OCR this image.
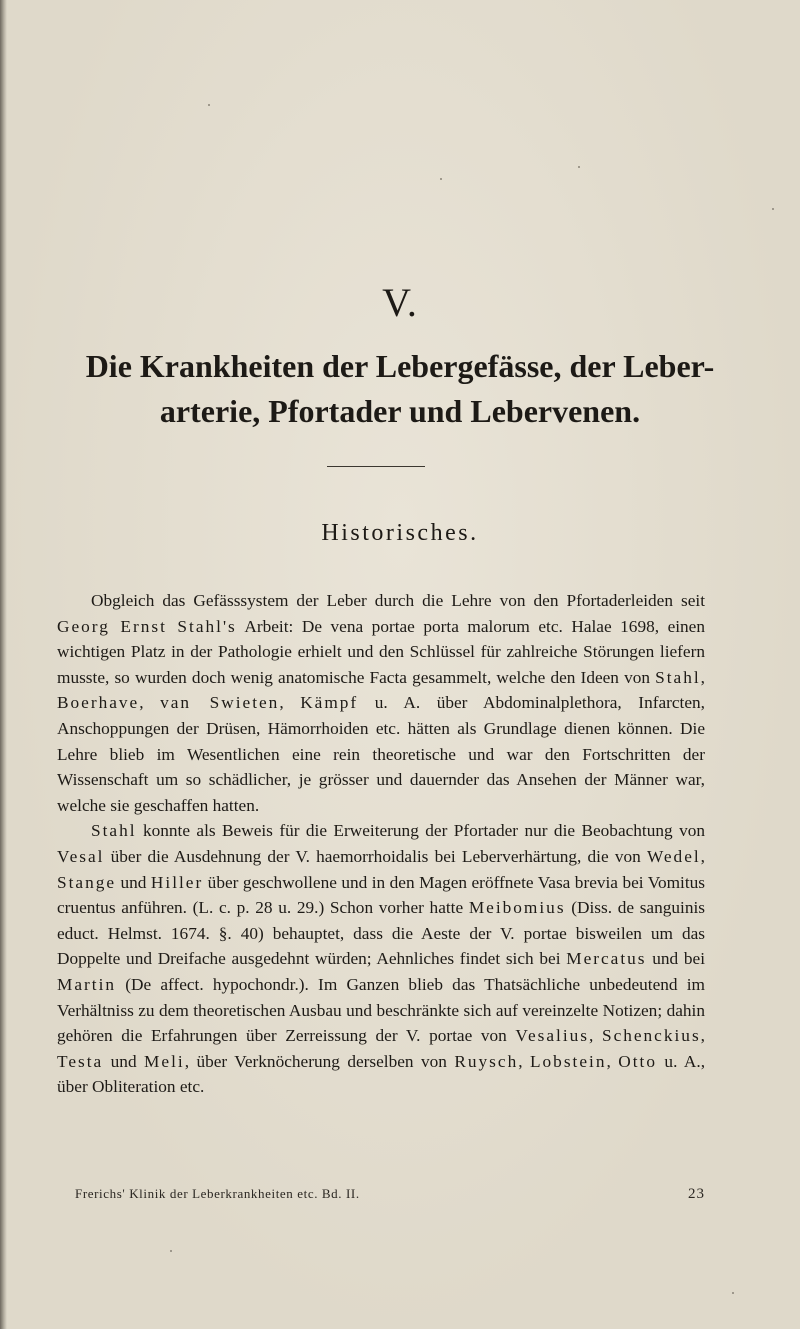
V.
Die Krankheiten der Lebergefässe, der Leber-
arterie, Pfortader und Lebervenen.
Historisches.

Obgleich das Gefässsystem der Leber durch die Lehre von den Pfortaderleiden seit Georg Ernst Stahl's Arbeit: De vena portae porta malorum etc. Halae 1698, einen wichtigen Platz in der Pathologie erhielt und den Schlüssel für zahlreiche Störungen liefern musste, so wurden doch wenig anatomische Facta gesammelt, welche den Ideen von Stahl, Boerhave, van Swieten, Kämpf u. A. über Abdominalplethora, Infarcten, Anschoppungen der Drüsen, Hämorrhoiden etc. hätten als Grundlage dienen können. Die Lehre blieb im Wesentlichen eine rein theoretische und war den Fortschritten der Wissenschaft um so schädlicher, je grösser und dauernder das Ansehen der Männer war, welche sie geschaffen hatten.

Stahl konnte als Beweis für die Erweiterung der Pfortader nur die Beobachtung von Vesal über die Ausdehnung der V. haemorrhoidalis bei Leberverhärtung, die von Wedel, Stange und Hiller über geschwollene und in den Magen eröffnete Vasa brevia bei Vomitus cruentus anführen. (L. c. p. 28 u. 29.) Schon vorher hatte Meibomius (Diss. de sanguinis educt. Helmst. 1674. §. 40) behauptet, dass die Aeste der V. portae bisweilen um das Doppelte und Dreifache ausgedehnt würden; Aehnliches findet sich bei Mercatus und bei Martin (De affect. hypochondr.). Im Ganzen blieb das Thatsächliche unbedeutend im Verhältniss zu dem theoretischen Ausbau und beschränkte sich auf vereinzelte Notizen; dahin gehören die Erfahrungen über Zerreissung der V. portae von Vesalius, Schenckius, Testa und Meli, über Verknöcherung derselben von Ruysch, Lobstein, Otto u. A., über Obliteration etc.

Frerichs' Klinik der Leberkrankheiten etc. Bd. II.	23
